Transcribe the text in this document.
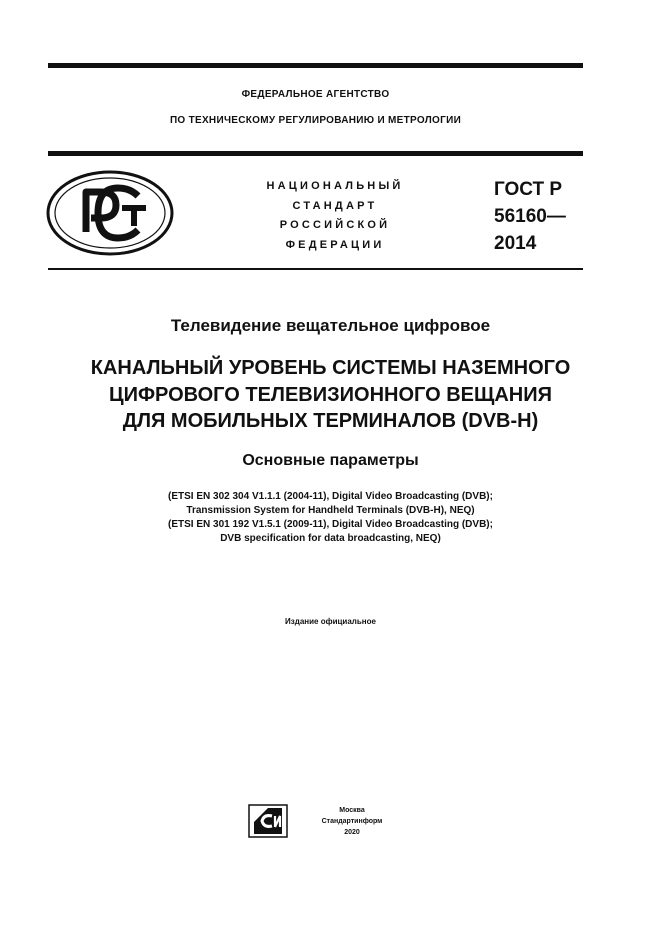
ФЕДЕРАЛЬНОЕ АГЕНТСТВО
ПО ТЕХНИЧЕСКОМУ РЕГУЛИРОВАНИЮ И МЕТРОЛОГИИ
НАЦИОНАЛЬНЫЙ
СТАНДАРТ
РОССИЙСКОЙ
ФЕДЕРАЦИИ
ГОСТ Р
56160—
2014
Телевидение вещательное цифровое
КАНАЛЬНЫЙ УРОВЕНЬ СИСТЕМЫ НАЗЕМНОГО
ЦИФРОВОГО ТЕЛЕВИЗИОННОГО ВЕЩАНИЯ
ДЛЯ МОБИЛЬНЫХ ТЕРМИНАЛОВ (DVB-H)
Основные параметры
(ETSI EN 302 304 V1.1.1 (2004-11), Digital Video Broadcasting (DVB);
Transmission System for Handheld Terminals (DVB-H), NEQ)
(ETSI EN 301 192 V1.5.1 (2009-11), Digital Video Broadcasting (DVB);
DVB specification for data broadcasting, NEQ)
Издание официальное
Москва
Стандартинформ
2020
